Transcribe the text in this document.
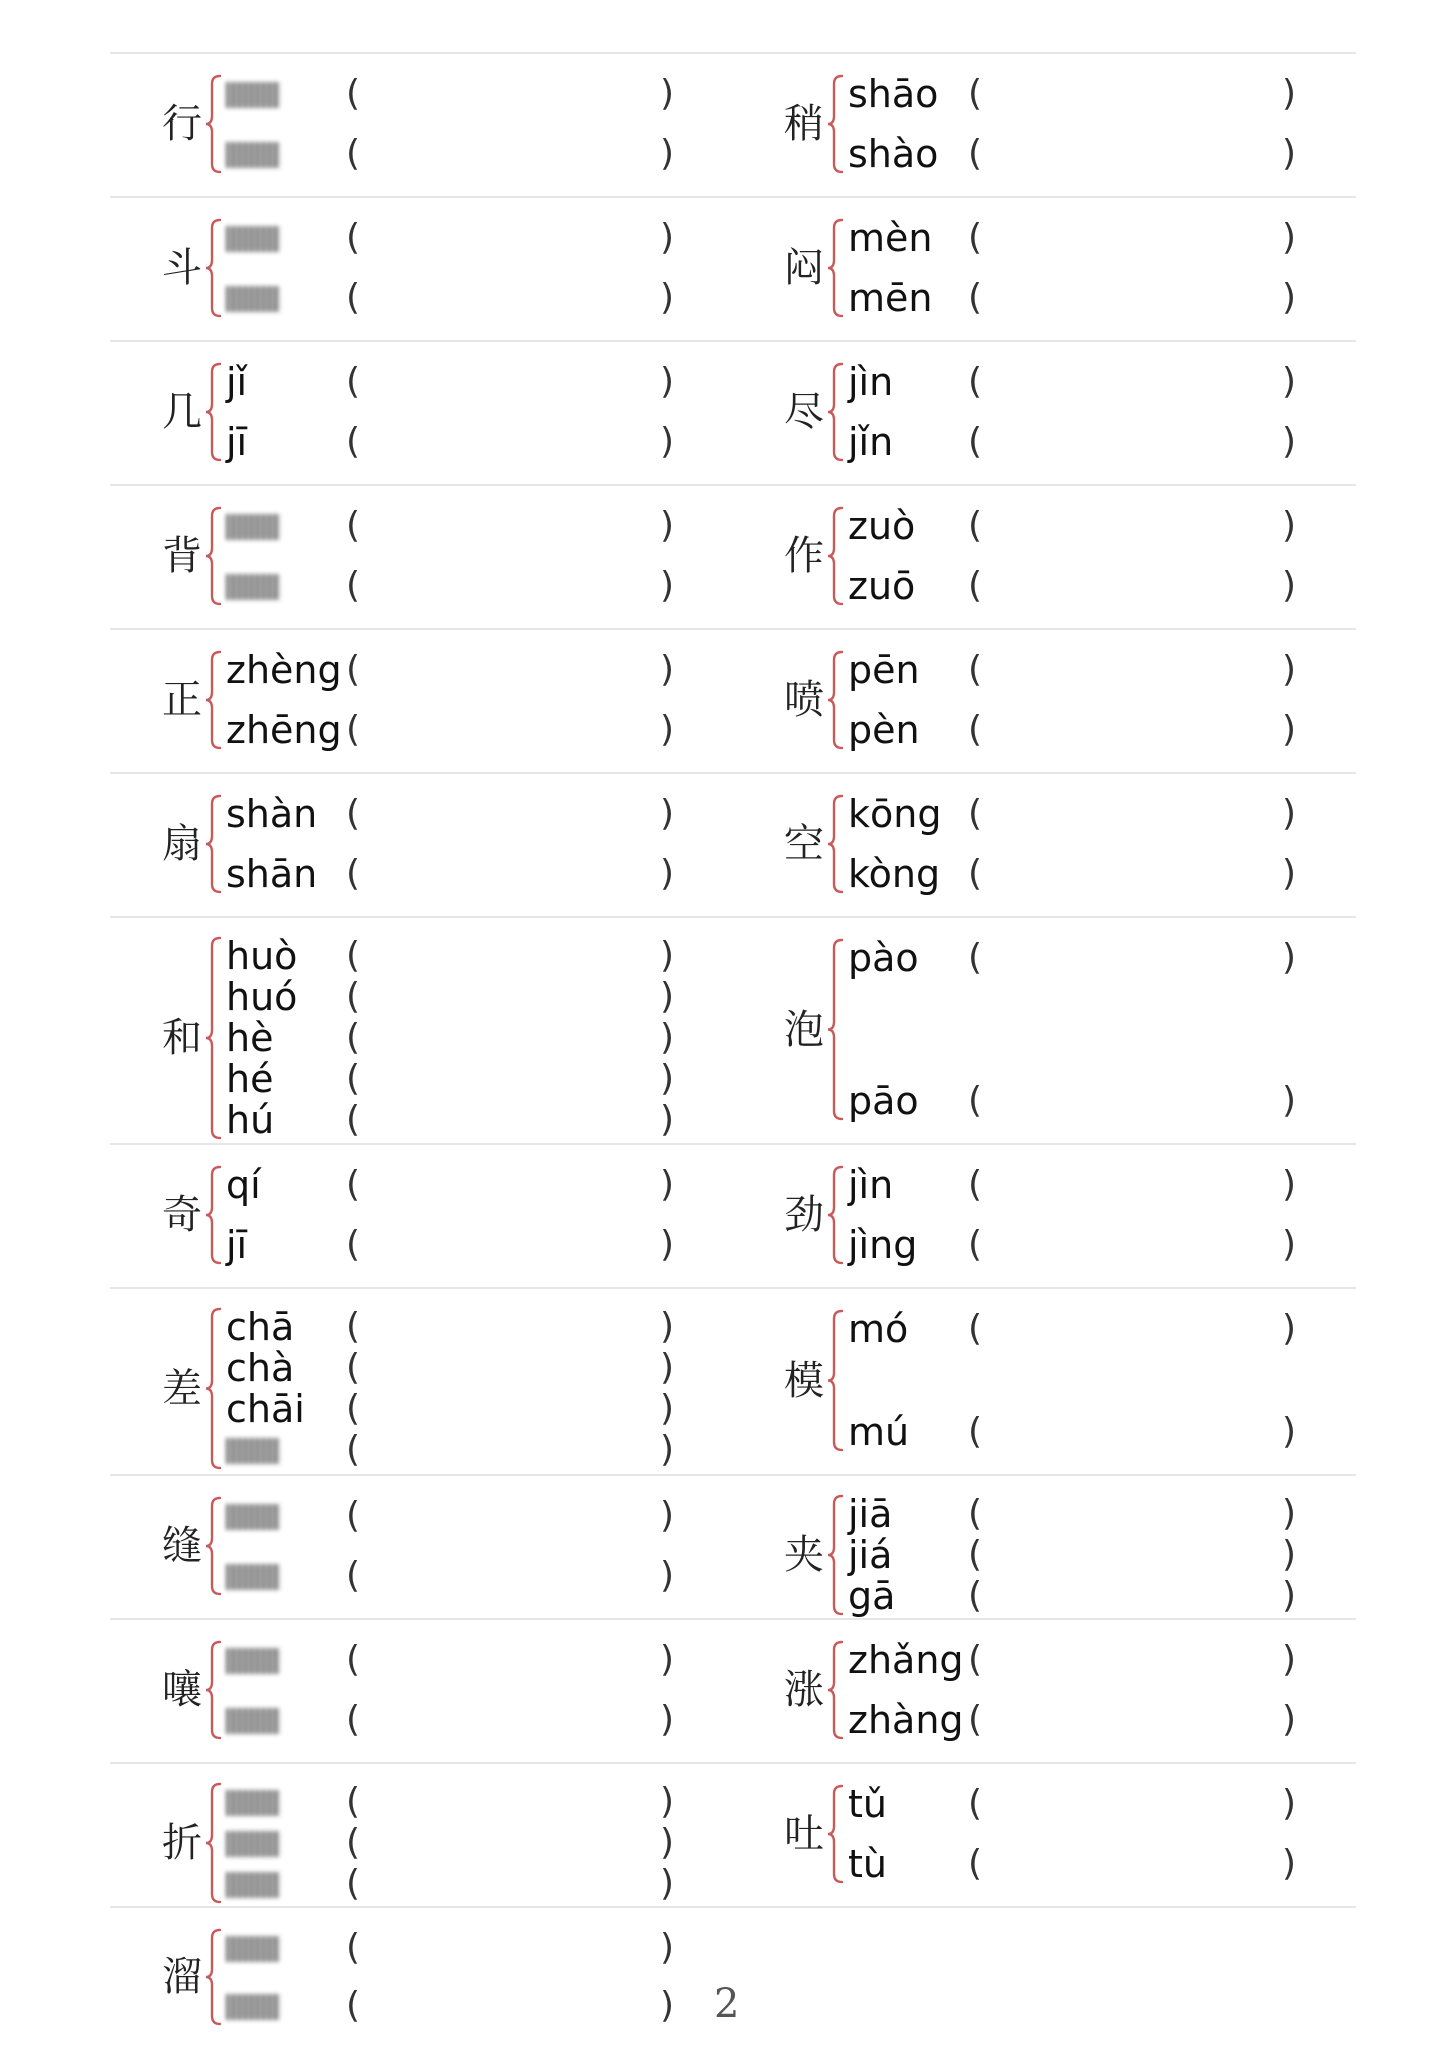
行
(	)
(	)
斗
(	)
(	)
几
jǐ	(	)
jī	(	)
背
(	)
(	)
正
zhèng (	)
zhēng (	)
扇
shàn (	)
shān (	)
和
huò (	)
huó (	)
hè (	)
hé (	)
hú (	)
奇
qí (	)
jī	(	)
差
chā (	)
chà (	)
chāi (	)
(	)
缝
(	)
(	)
嚷
(	)
(	)
折
(	)
(	)
(	)
溜
(	)
(	)
稍
shāo (	)
shào (	)
闷
mèn (	)
mēn (	)
尽
jìn (	)
jǐn (	)
作
zuò (	)
zuō (	)
喷
pēn (	)
pèn (	)
空
kōng (	)
kòng (	)
泡
pào (	)
pāo (	)
劲
jìn (	)
jìng (	)
模
mó (	)
mú (	)
夹
jiā (	)
jiá (	)
gā (	)
涨
zhǎng (	)
zhàng (	)
吐
tǔ (	)
tù (	)
2
